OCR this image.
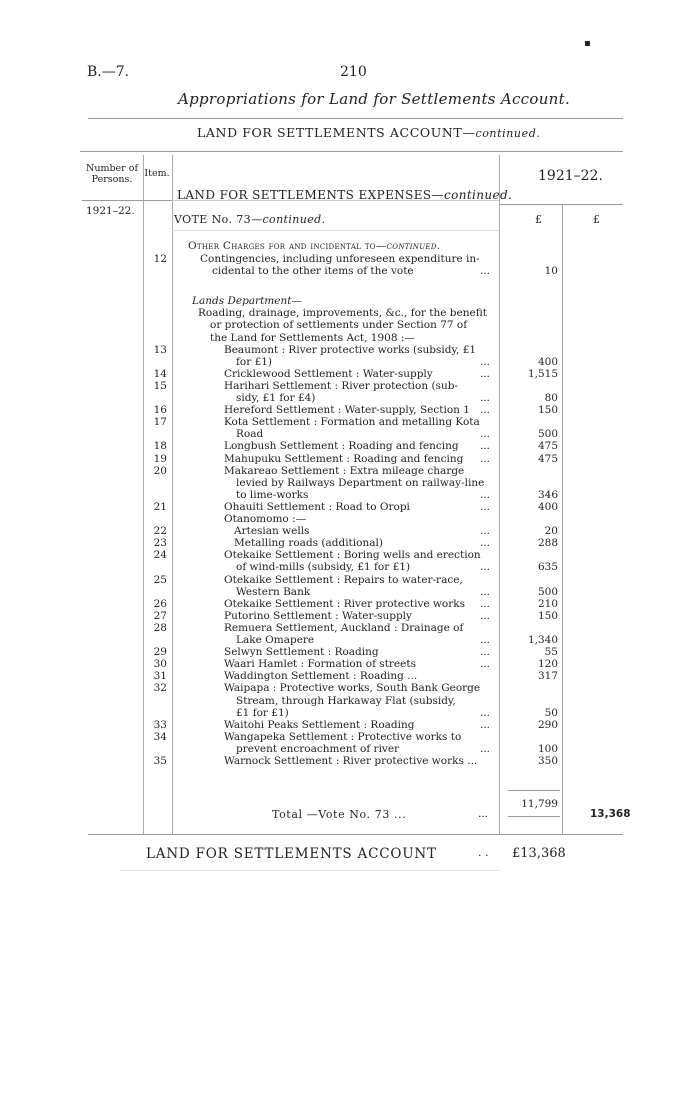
▪
B.—7.	210
Appropriations for Land for Settlements Account.
LAND FOR SETTLEMENTS ACCOUNT—continued.
Number of Persons.
Item.	1921–22.
LAND FOR SETTLEMENTS EXPENSES—continued.
1921–22.
VOTE No. 73—continued.	£	£
Other Charges for and incidental to—continued.
12	Contingencies, including unforeseen expenditure in-
cidental to the other items of the vote	...	10
Lands Department—
Roading, drainage, improvements, &c., for the benefit
or protection of settlements under Section 77 of
the Land for Settlements Act, 1908 :—
13	Beaumont : River protective works (subsidy, £1
for £1)	...	400
14	Cricklewood Settlement : Water-supply	...	1,515
15	Harihari Settlement : River protection (sub-
sidy, £1 for £4)	...	80
16	Hereford Settlement : Water-supply, Section 1 ...	150
17	Kota Settlement : Formation and metalling Kota
Road	...	500
18	Longbush Settlement : Roading and fencing ...	475
19	Mahupuku Settlement : Roading and fencing ...	475
20	Makareao Settlement : Extra mileage charge
levied by Railways Department on railway-line
to lime-works	...	346
21	Ohauiti Settlement : Road to Oropi	...	400
Otanomomo :—
22	Artesian wells	...	20
23	Metalling roads (additional)	...	288
24	Otekaike Settlement : Boring wells and erection
of wind-mills (subsidy, £1 for £1)	...	635
25	Otekaike Settlement : Repairs to water-race,
Western Bank	...	500
26	Otekaike Settlement : River protective works ...	210
27	Putorino Settlement : Water-supply	...	150
28	Remuera Settlement, Auckland : Drainage of
Lake Omapere	...	1,340
29	Selwyn Settlement : Roading	...	55
30	Waari Hamlet : Formation of streets	...	120
31	Waddington Settlement : Roading ...	317
32	Waipapa : Protective works, South Bank George
Stream, through Harkaway Flat (subsidy,
£1 for £1)	...	50
33	Waitohi Peaks Settlement : Roading	...	290
34	Wangapeka Settlement : Protective works to
prevent encroachment of river	...	100
35	Warnock Settlement : River protective works ...	350
11,799
Total —Vote No. 73 ...	...	13,368
LAND FOR SETTLEMENTS ACCOUNT	. . £13,368
